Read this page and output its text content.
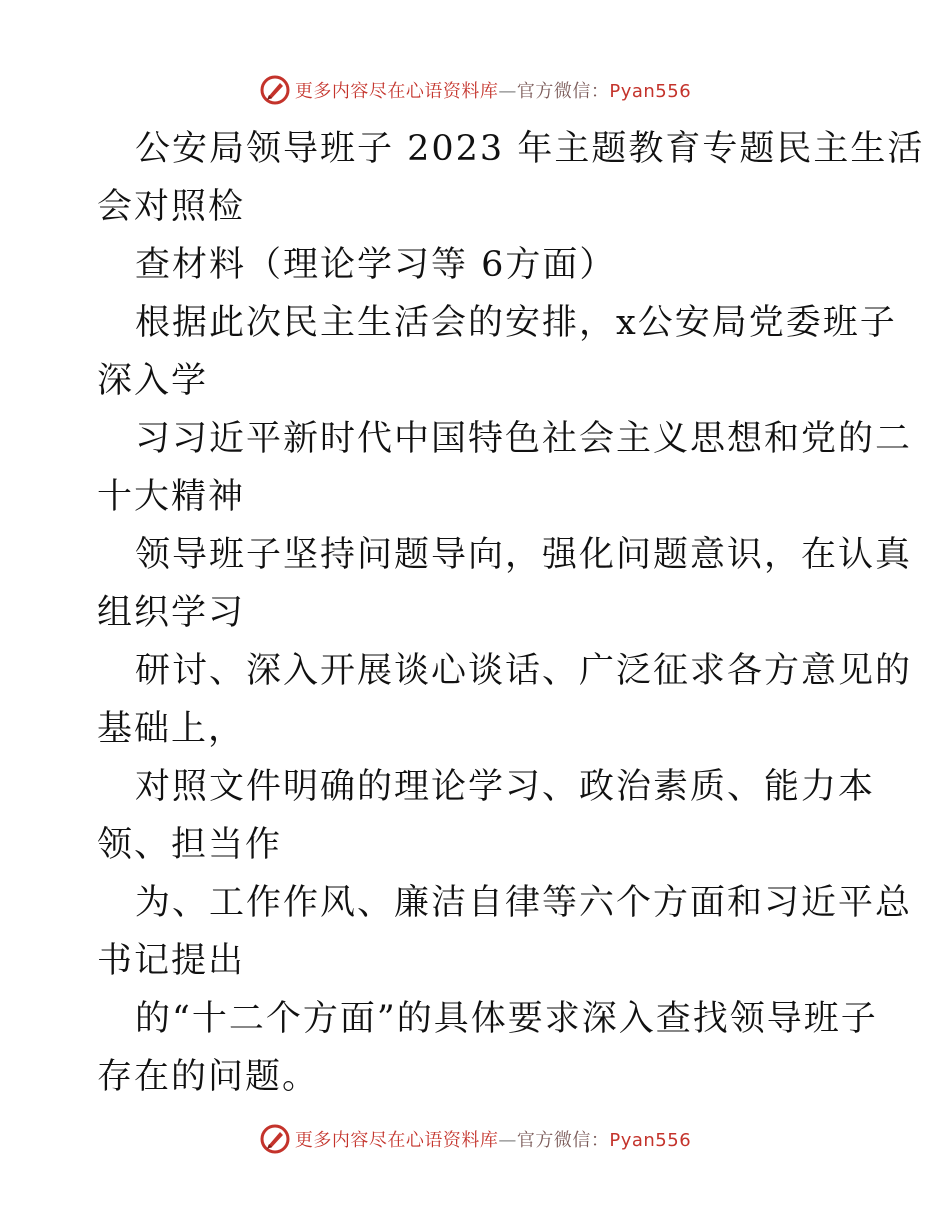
更多内容尽在心语资料库—官方微信：Pyan556

公安局领导班子 2023 年主题教育专题民主生活
会对照检

查材料（理论学习等 6方面）

根据此次民主生活会的安排，x公安局党委班子
深入学

习习近平新时代中国特色社会主义思想和党的二
十大精神

领导班子坚持问题导向，强化问题意识，在认真
组织学习

研讨、深入开展谈心谈话、广泛征求各方意见的
基础上，

对照文件明确的理论学习、政治素质、能力本
领、担当作

为、工作作风、廉洁自律等六个方面和习近平总
书记提出

的“十二个方面”的具体要求深入查找领导班子
存在的问题。

更多内容尽在心语资料库—官方微信：Pyan556
